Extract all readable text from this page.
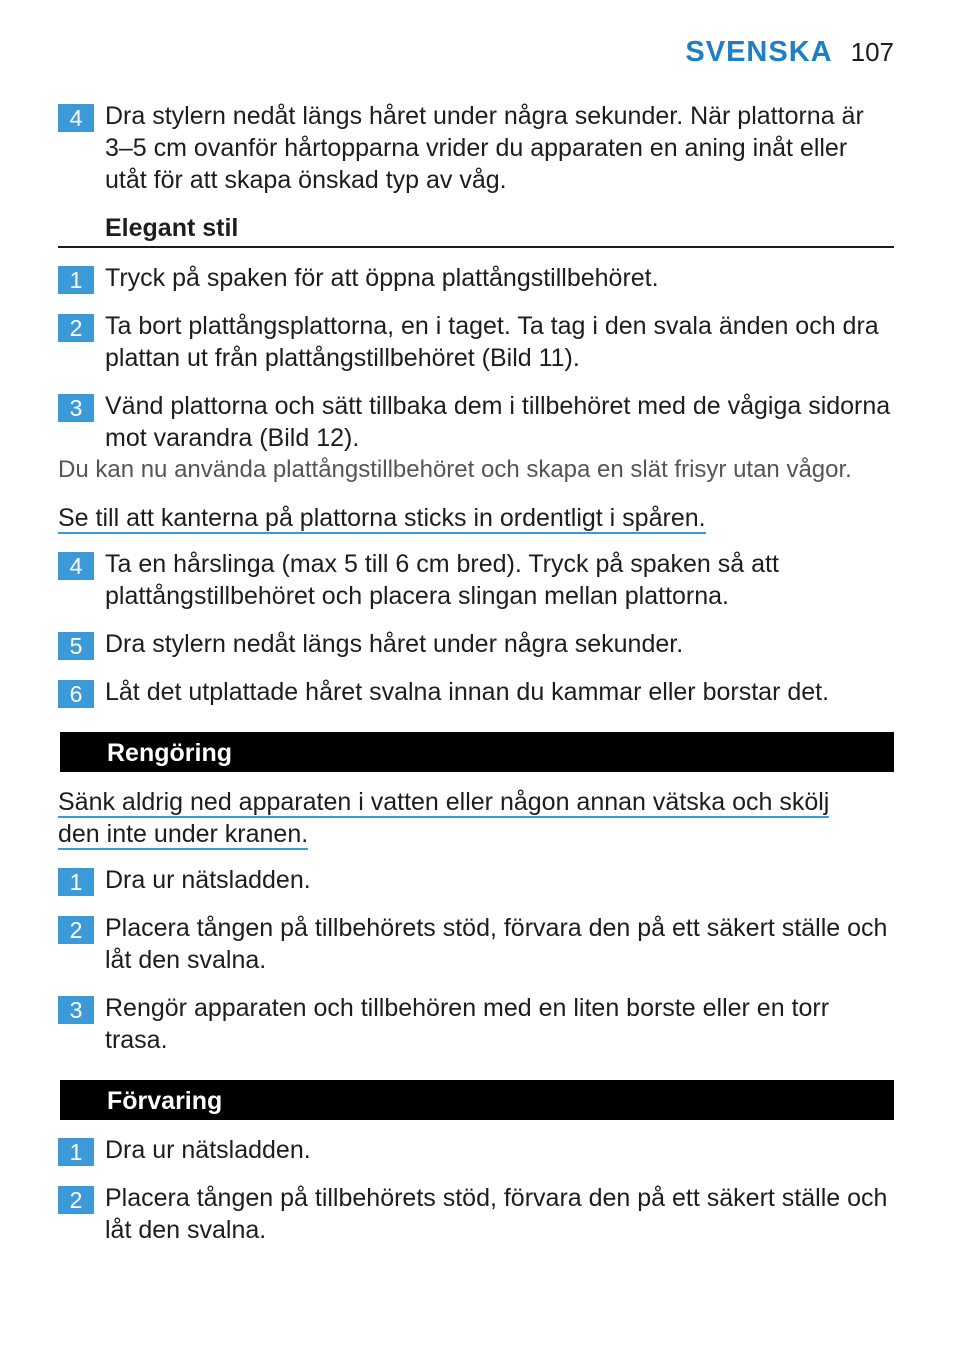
SVENSKA 107
4 Dra stylern nedåt längs håret under några sekunder. När plattorna är 3–5 cm ovanför hårtopparna vrider du apparaten en aning inåt eller utåt för att skapa önskad typ av våg.
Elegant stil
1 Tryck på spaken för att öppna plattångstillbehöret.
2 Ta bort plattångsplattorna, en i taget. Ta tag i den svala änden och dra plattan ut från plattångstillbehöret (Bild 11).
3 Vänd plattorna och sätt tillbaka dem i tillbehöret med de vågiga sidorna mot varandra (Bild 12).
Du kan nu använda plattångstillbehöret och skapa en slät frisyr utan vågor.
Se till att kanterna på plattorna sticks in ordentligt i spåren.
4 Ta en hårslinga (max 5 till 6 cm bred). Tryck på spaken så att plattångstillbehöret och placera slingan mellan plattorna.
5 Dra stylern nedåt längs håret under några sekunder.
6 Låt det utplattade håret svalna innan du kammar eller borstar det.
Rengöring
Sänk aldrig ned apparaten i vatten eller någon annan vätska och skölj
den inte under kranen.
1 Dra ur nätsladden.
2 Placera tången på tillbehörets stöd, förvara den på ett säkert ställe och låt den svalna.
3 Rengör apparaten och tillbehören med en liten borste eller en torr trasa.
Förvaring
1 Dra ur nätsladden.
2 Placera tången på tillbehörets stöd, förvara den på ett säkert ställe och låt den svalna.
